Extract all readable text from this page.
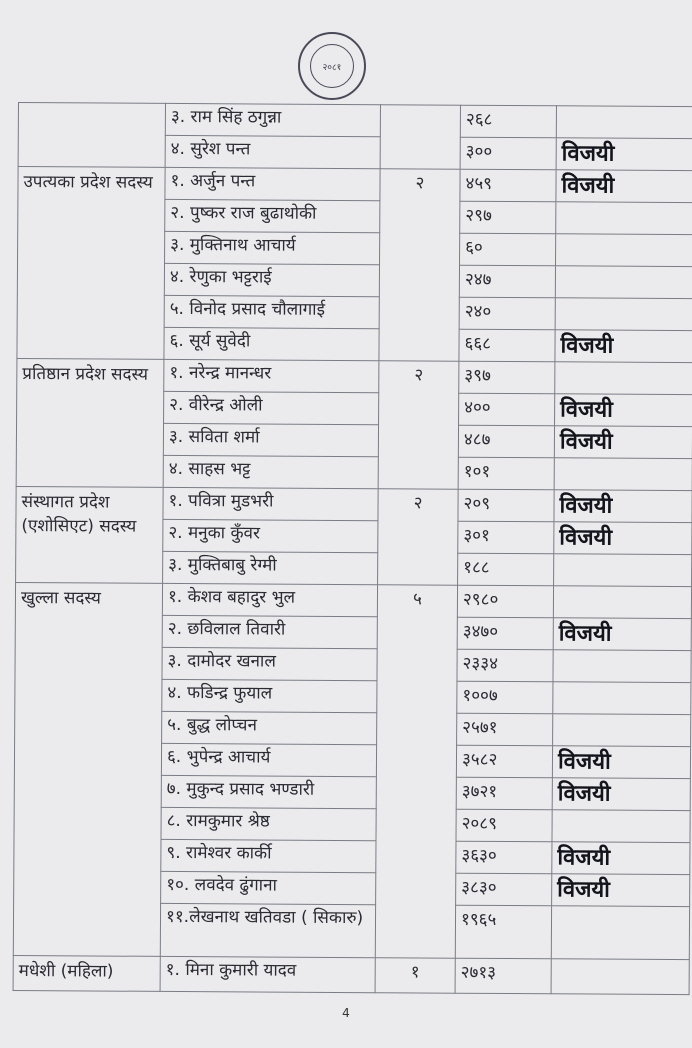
२०८१
	३. राम सिंह ठगुन्ना		२६८	
	४. सुरेश पन्त		३००	विजयी
उपत्यका प्रदेश सदस्य	१. अर्जुन पन्त	२	४५९	विजयी
	२. पुष्कर राज बुढाथोकी		२९७	
	३. मुक्तिनाथ आचार्य		६०	
	४. रेणुका भट्टराई		२४७	
	५. विनोद प्रसाद चौलागाई		२४०	
	६. सूर्य सुवेदी		६६८	विजयी
प्रतिष्ठान प्रदेश सदस्य	१. नरेन्द्र मानन्धर	२	३९७	
	२. वीरेन्द्र ओली		४००	विजयी
	३. सविता शर्मा		४८७	विजयी
	४. साहस भट्ट		१०१	
संस्थागत प्रदेश (एशोसिएट) सदस्य	१. पवित्रा मुडभरी	२	२०९	विजयी
	२. मनुका कुँवर		३०१	विजयी
	३. मुक्तिबाबु रेग्मी		१८८	
खुल्ला सदस्य	१. केशव बहादुर भुल	५	२९८०	
	२. छविलाल तिवारी		३४७०	विजयी
	३. दामोदर खनाल		२३३४	
	४. फडिन्द्र फुयाल		१००७	
	५. बुद्ध लोप्चन		२५७१	
	६. भुपेन्द्र आचार्य		३५८२	विजयी
	७. मुकुन्द प्रसाद भण्डारी		३७२१	विजयी
	८. रामकुमार श्रेष्ठ		२०८९	
	९. रामेश्वर कार्की		३६३०	विजयी
	१०. लवदेव ढुंगाना		३८३०	विजयी
	११.लेखनाथ खतिवडा ( सिकारु)		१९६५	
मधेशी (महिला)	१. मिना कुमारी यादव	१	२७१३	
4
